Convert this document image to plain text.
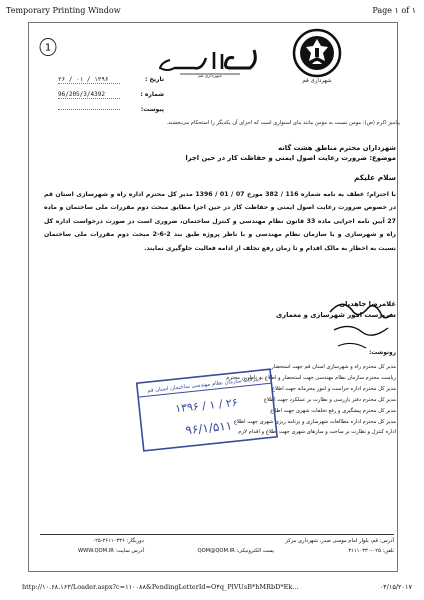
Temporary Printing Window	Page ۱ of ۱
1
شهرداری قم
شهرداری قم
تاریخ :
۱۳۹۶ / ۰۱ / ۲۶
شماره :
96/205/3/4392
پیوست:
پیامبر اکرم (ص): مومن نسبت به مومن مانند بنای استواری است که اجزای آن یکدیگر را استحکام می‌بخشند.
شهرداران محترم مناطق هشت گانه
موضوع: ضرورت رعایت اصول ایمنی و حفاظت کار در حین اجرا
سلام علیکم
با احترام؛ عطف به نامه شماره 116 / 382 مورخ 07 / 01 / 1396 مدیر کل محترم اداره راه و شهرسازی استان قم در خصوص ضرورت رعایت اصول ایمنی و حفاظت کار در حین اجرا مطابق مبحث دوم مقررات ملی ساختمان و ماده 27 آیین نامه اجرایی ماده 33 قانون نظام مهندسی و کنترل ساختمان، ضروری است در صورت درخواست اداره کل راه و شهرسازی و یا سازمان نظام مهندسی و با ناظر پروژه طبق بند 2-6-2 مبحث دوم مقررات ملی ساختمان نسبت به اخطار به مالک اقدام و تا زمان رفع تخلف از ادامه فعالیت جلوگیری نمایند.
غلامرضا جاهدیان
سرپرست امور شهرسازی و معماری
رونوشت:
مدیر کل محترم راه و شهرسازی استان قم جهت استحضار
ریاست محترم سازمان نظام مهندسی جهت استحضار و اطلاع به ناظرین محترم
مدیر کل محترم اداره حراست و امور محرمانه جهت اطلاع
مدیر کل محترم دفتر بازرسی و نظارت بر عملکرد جهت اطلاع
مدیر کل محترم پیشگیری و رفع تخلفات شهری جهت اطلاع
مدیر کل محترم اداره مطالعات شهرسازی و برنامه ریزی شهری جهت اطلاع
اداره کنترل و نظارت بر ساخت و سازهای شهری جهت اطلاع و اقدام لازم
دبیرخانه سازمان نظام مهندسی ساختمان استان قم
۱۳۹۶ / ۱ / ۲۶
۹۶/۱/۵۱۱
آدرس: قم، بلوار امام موسی صدر، شهرداری مرکز
دورنگار: ۳۶۱۱۰۳۳۶-۰۲۵
تلفن: ۰۲۵-۳۱۱۱۰۳۳۰
پست الکترونیکی: QOM@QOM.IR
آدرس سایت: WWW.QOM.IR
http://۱۰.۶۸.۱۶۳/Loader.aspx?c=۱۱۰۰۸۸&PendingLetterId=O۴q_PlVUsB*hMRbD*Ek...	۰۴/۱۵/۲۰۱۷
